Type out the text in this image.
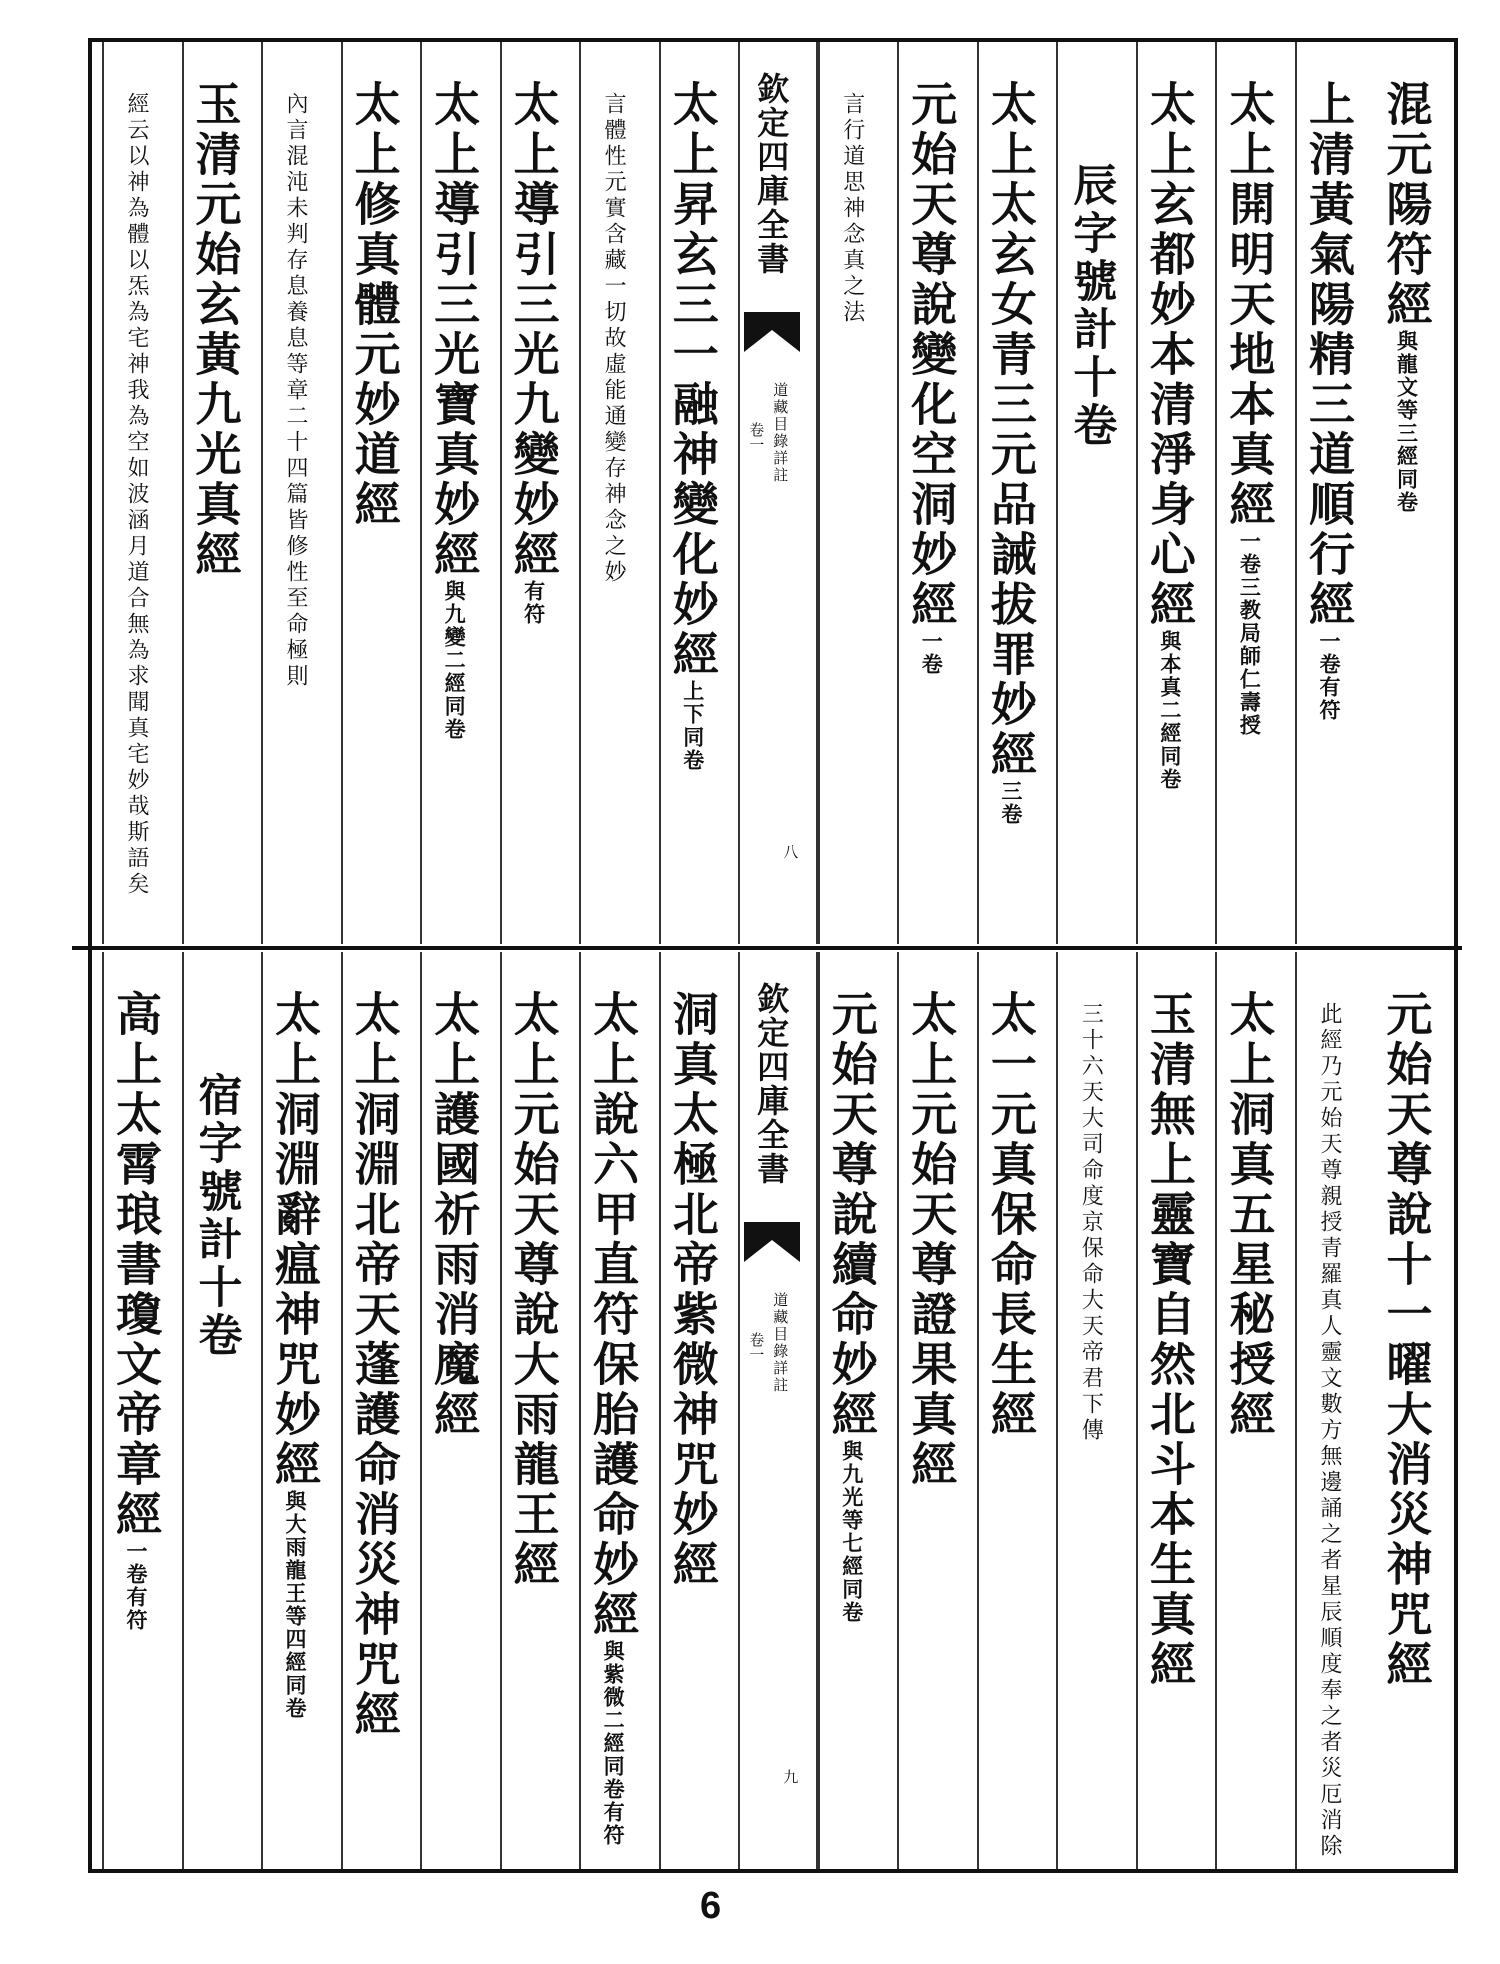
混元陽符經與龍文等三經同卷
上清黃氣陽精三道順行經一卷有符
太上開明天地本真經一卷三教局師仁壽授
太上玄都妙本清淨身心經與本真二經同卷
辰字號計十卷
太上太玄女青三元品誡拔罪妙經三卷
元始天尊說變化空洞妙經一卷
言行道思神念真之法
欽定四庫全書
道藏目錄詳註
卷一
八
太上昇玄三一融神變化妙經上下同卷
言體性元實含藏一切故虛能通變存神念之妙
太上導引三光九變妙經有符
太上導引三光寶真妙經與九變二經同卷
太上修真體元妙道經
內言混沌未判存息養息等章二十四篇皆修性至命極則
玉清元始玄黃九光真經
經云以神為體以炁為宅神我為空如波涵月道合無為求聞真宅妙哉斯語矣
元始天尊說十一曜大消災神咒經
此經乃元始天尊親授青羅真人靈文數方無邊誦之者星辰順度奉之者災厄消除
太上洞真五星秘授經
玉清無上靈寶自然北斗本生真經
三十六天大司命度京保命大天帝君下傳
太一元真保命長生經
太上元始天尊證果真經
元始天尊說續命妙經與九光等七經同卷
欽定四庫全書
道藏目錄詳註
卷一
九
洞真太極北帝紫微神咒妙經
太上說六甲直符保胎護命妙經與紫微二經同卷有符
太上元始天尊說大雨龍王經
太上護國祈雨消魔經
太上洞淵北帝天蓬護命消災神咒經
太上洞淵辭瘟神咒妙經與大雨龍王等四經同卷
宿字號計十卷
高上太霄琅書瓊文帝章經一卷有符
6
